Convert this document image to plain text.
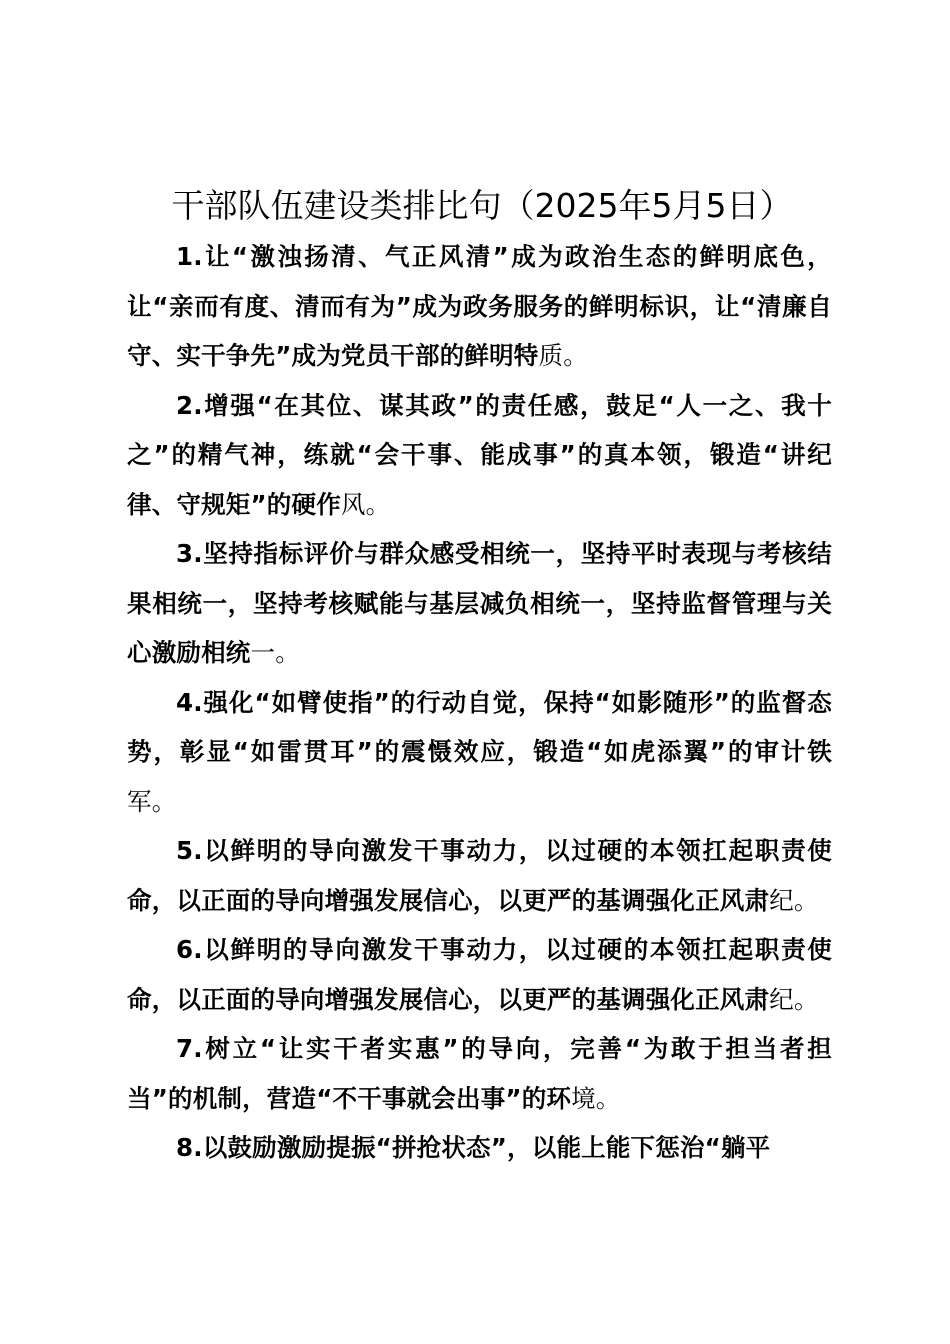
干部队伍建设类排比句（2025年5月5日）

1.让“激浊扬清、气正风清”成为政治生态的鲜明底色，让“亲而有度、清而有为”成为政务服务的鲜明标识，让“清廉自守、实干争先”成为党员干部的鲜明特质。

2.增强“在其位、谋其政”的责任感，鼓足“人一之、我十之”的精气神，练就“会干事、能成事”的真本领，锻造“讲纪律、守规矩”的硬作风。

3.坚持指标评价与群众感受相统一，坚持平时表现与考核结果相统一，坚持考核赋能与基层减负相统一，坚持监督管理与关心激励相统一。

4.强化“如臂使指”的行动自觉，保持“如影随形”的监督态势，彰显“如雷贯耳”的震慑效应，锻造“如虎添翼”的审计铁军。

5.以鲜明的导向激发干事动力，以过硬的本领扛起职责使命，以正面的导向增强发展信心，以更严的基调强化正风肃纪。

6.以鲜明的导向激发干事动力，以过硬的本领扛起职责使命，以正面的导向增强发展信心，以更严的基调强化正风肃纪。

7.树立“让实干者实惠”的导向，完善“为敢于担当者担当”的机制，营造“不干事就会出事”的环境。

8.以鼓励激励提振“拼抢状态”，以能上能下惩治“躺平
